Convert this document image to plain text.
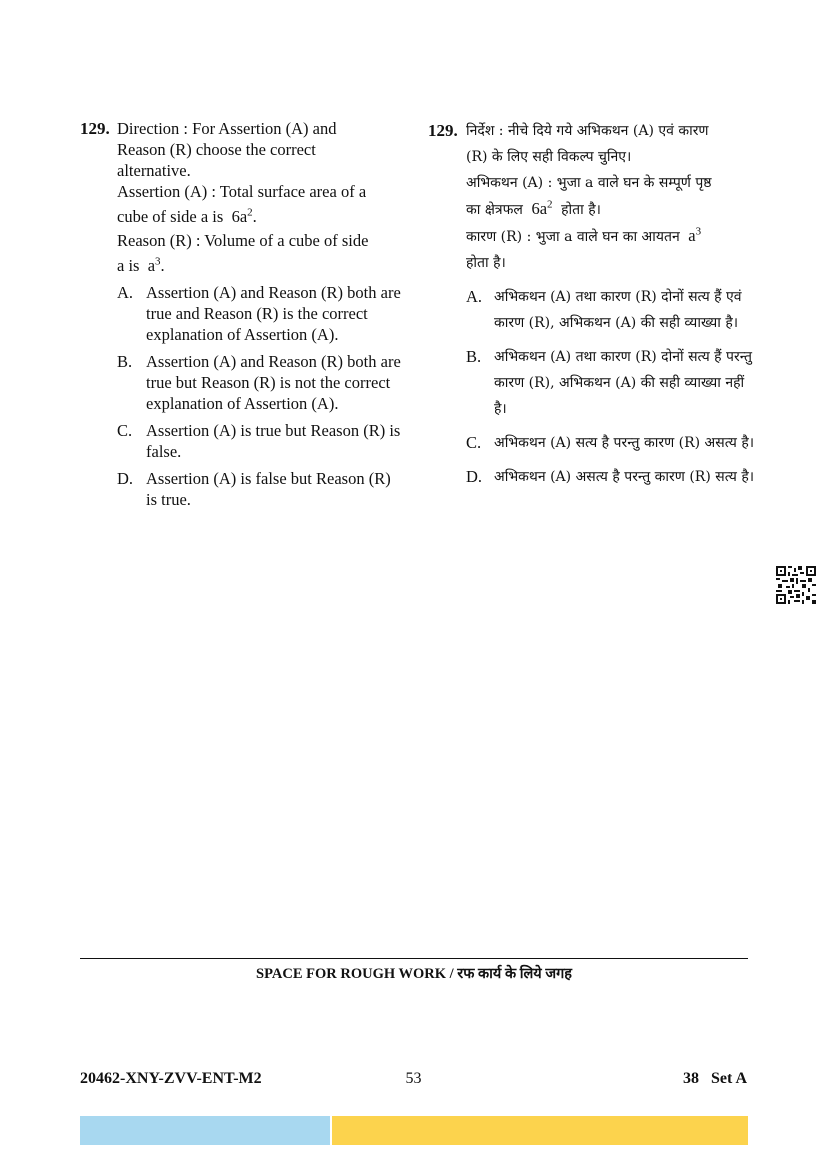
129. Direction : For Assertion (A) and
Reason (R) choose the correct
alternative.
Assertion (A) : Total surface area of a
cube of side a is $6a^2$.
Reason (R) : Volume of a cube of side
a is $a^3$.
A. Assertion (A) and Reason (R) both are true and Reason (R) is the correct explanation of Assertion (A).
B. Assertion (A) and Reason (R) both are true but Reason (R) is not the correct explanation of Assertion (A).
C. Assertion (A) is true but Reason (R) is false.
D. Assertion (A) is false but Reason (R) is true.
129. निर्देश : नीचे दिये गये अभिकथन (A) एवं कारण
(R) के लिए सही विकल्प चुनिए।
अभिकथन (A) : भुजा a वाले घन के सम्पूर्ण पृष्ठ
का क्षेत्रफल $6a^2$ होता है।
कारण (R) : भुजा a वाले घन का आयतन $a^3$
होता है।
A. अभिकथन (A) तथा कारण (R) दोनों सत्य हैं एवं कारण (R), अभिकथन (A) की सही व्याख्या है।
B. अभिकथन (A) तथा कारण (R) दोनों सत्य हैं परन्तु कारण (R), अभिकथन (A) की सही व्याख्या नहीं है।
C. अभिकथन (A) सत्य है परन्तु कारण (R) असत्य है।
D. अभिकथन (A) असत्य है परन्तु कारण (R) सत्य है।
SPACE FOR ROUGH WORK / रफ कार्य के लिये जगह
20462-XNY-ZVV-ENT-M2	53	38   Set A
